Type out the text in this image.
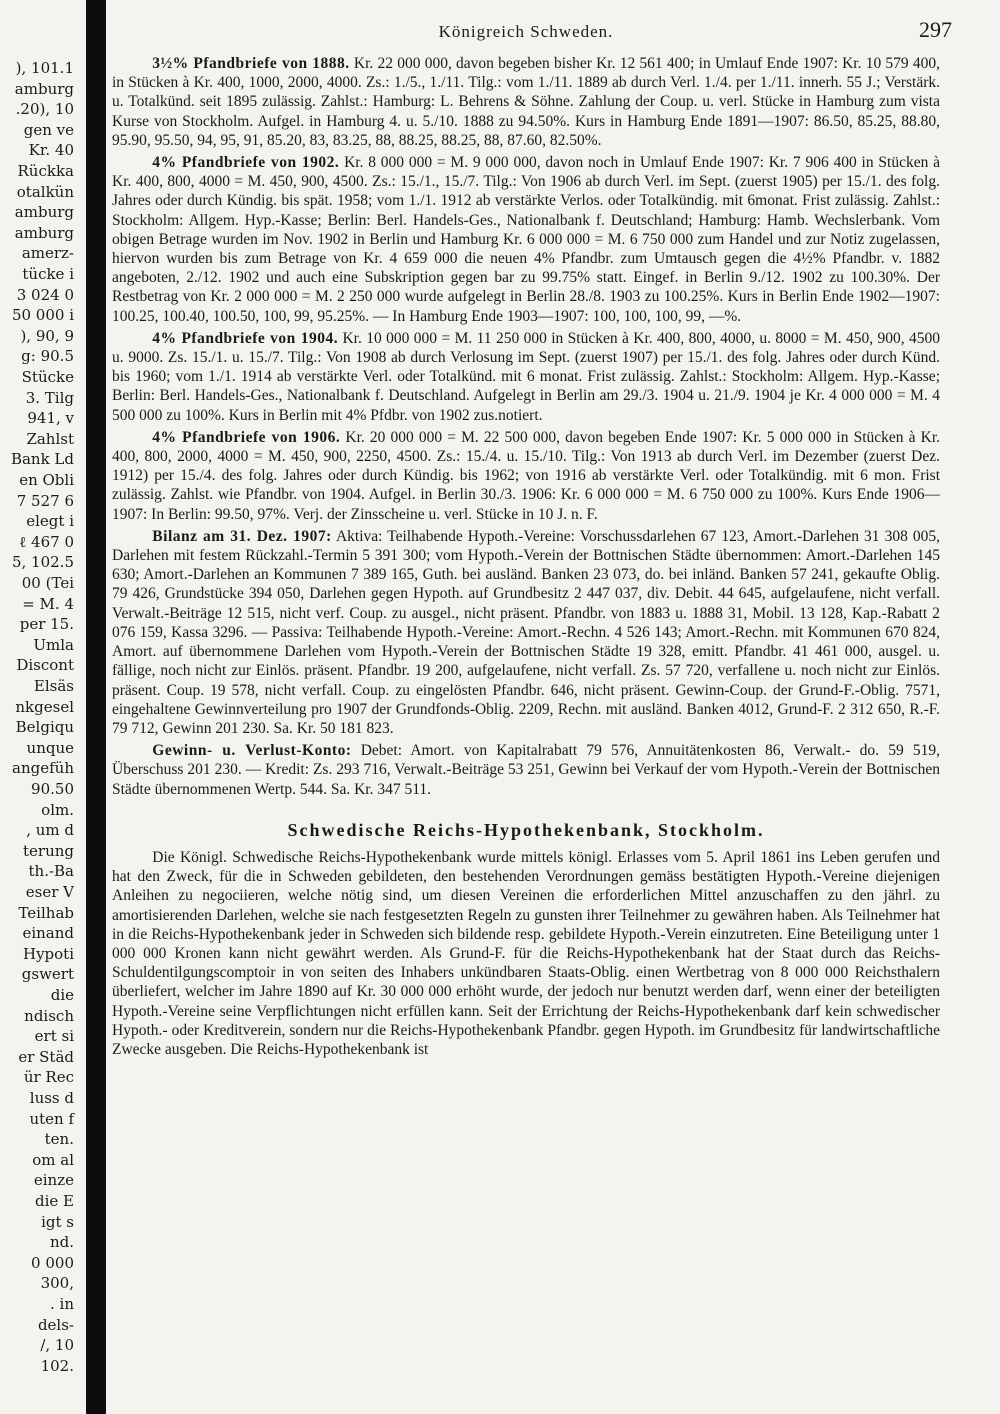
), 101.1
amburg
.20), 10
gen ve
Kr. 40
Rückka
otalkün
amburg
amburg
amerz-
tücke i
3 024 0
50 000 i
), 90, 9
g: 90.5
Stücke
3. Tilg
941, v
Zahlst
Bank Ld
en Obli
7 527 6
elegt i
ℓ 467 0
5, 102.5
00 (Tei
= M. 4
per 15.
Umla
Discont
Elsäs
nkgesel
Belgiqu
unque
angefüh
90.50
olm.
, um d
terung
th.-Ba
eser V
Teilhab
einand
Hypoti
gswert
die
ndisch
ert si
er Städ
ür Rec
luss d
uten f
ten.
om al
einze
die E
igt s
nd.
0 000
300,
. in
dels-
/, 10
102.
Königreich Schweden.	297

3½% Pfandbriefe von 1888. Kr. 22 000 000, davon begeben bisher Kr. 12 561 400; in Umlauf Ende 1907: Kr. 10 579 400, in Stücken à Kr. 400, 1000, 2000, 4000. Zs.: 1./5., 1./11. Tilg.: vom 1./11. 1889 ab durch Verl. 1./4. per 1./11. innerh. 55 J.; Verstärk. u. Totalkünd. seit 1895 zulässig. Zahlst.: Hamburg: L. Behrens & Söhne. Zahlung der Coup. u. verl. Stücke in Hamburg zum vista Kurse von Stockholm. Aufgel. in Hamburg 4. u. 5./10. 1888 zu 94.50%. Kurs in Hamburg Ende 1891—1907: 86.50, 85.25, 88.80, 95.90, 95.50, 94, 95, 91, 85.20, 83, 83.25, 88, 88.25, 88.25, 88, 87.60, 82.50%.

4% Pfandbriefe von 1902. Kr. 8 000 000 = M. 9 000 000, davon noch in Umlauf Ende 1907: Kr. 7 906 400 in Stücken à Kr. 400, 800, 4000 = M. 450, 900, 4500. Zs.: 15./1., 15./7. Tilg.: Von 1906 ab durch Verl. im Sept. (zuerst 1905) per 15./1. des folg. Jahres oder durch Kündig. bis spät. 1958; vom 1./1. 1912 ab verstärkte Verlos. oder Totalkündig. mit 6monat. Frist zulässig. Zahlst.: Stockholm: Allgem. Hyp.-Kasse; Berlin: Berl. Handels-Ges., Nationalbank f. Deutschland; Hamburg: Hamb. Wechslerbank. Vom obigen Betrage wurden im Nov. 1902 in Berlin und Hamburg Kr. 6 000 000 = M. 6 750 000 zum Handel und zur Notiz zugelassen, hiervon wurden bis zum Betrage von Kr. 4 659 000 die neuen 4% Pfandbr. zum Umtausch gegen die 4½% Pfandbr. v. 1882 angeboten, 2./12. 1902 und auch eine Subskription gegen bar zu 99.75% statt. Eingef. in Berlin 9./12. 1902 zu 100.30%. Der Restbetrag von Kr. 2 000 000 = M. 2 250 000 wurde aufgelegt in Berlin 28./8. 1903 zu 100.25%. Kurs in Berlin Ende 1902—1907: 100.25, 100.40, 100.50, 100, 99, 95.25%. — In Hamburg Ende 1903—1907: 100, 100, 100, 99, —%.

4% Pfandbriefe von 1904. Kr. 10 000 000 = M. 11 250 000 in Stücken à Kr. 400, 800, 4000, u. 8000 = M. 450, 900, 4500 u. 9000. Zs. 15./1. u. 15./7. Tilg.: Von 1908 ab durch Verlosung im Sept. (zuerst 1907) per 15./1. des folg. Jahres oder durch Künd. bis 1960; vom 1./1. 1914 ab verstärkte Verl. oder Totalkünd. mit 6 monat. Frist zulässig. Zahlst.: Stockholm: Allgem. Hyp.-Kasse; Berlin: Berl. Handels-Ges., Nationalbank f. Deutschland. Aufgelegt in Berlin am 29./3. 1904 u. 21./9. 1904 je Kr. 4 000 000 = M. 4 500 000 zu 100%. Kurs in Berlin mit 4% Pfdbr. von 1902 zus.notiert.

4% Pfandbriefe von 1906. Kr. 20 000 000 = M. 22 500 000, davon begeben Ende 1907: Kr. 5 000 000 in Stücken à Kr. 400, 800, 2000, 4000 = M. 450, 900, 2250, 4500. Zs.: 15./4. u. 15./10. Tilg.: Von 1913 ab durch Verl. im Dezember (zuerst Dez. 1912) per 15./4. des folg. Jahres oder durch Kündig. bis 1962; von 1916 ab verstärkte Verl. oder Totalkündig. mit 6 mon. Frist zulässig. Zahlst. wie Pfandbr. von 1904. Aufgel. in Berlin 30./3. 1906: Kr. 6 000 000 = M. 6 750 000 zu 100%. Kurs Ende 1906—1907: In Berlin: 99.50, 97%. Verj. der Zinsscheine u. verl. Stücke in 10 J. n. F.

Bilanz am 31. Dez. 1907: Aktiva: Teilhabende Hypoth.-Vereine: Vorschussdarlehen 67 123, Amort.-Darlehen 31 308 005, Darlehen mit festem Rückzahl.-Termin 5 391 300; vom Hypoth.-Verein der Bottnischen Städte übernommen: Amort.-Darlehen 145 630; Amort.-Darlehen an Kommunen 7 389 165, Guth. bei ausländ. Banken 23 073, do. bei inländ. Banken 57 241, gekaufte Oblig. 79 426, Grundstücke 394 050, Darlehen gegen Hypoth. auf Grundbesitz 2 447 037, div. Debit. 44 645, aufgelaufene, nicht verfall. Verwalt.-Beiträge 12 515, nicht verf. Coup. zu ausgel., nicht präsent. Pfandbr. von 1883 u. 1888 31, Mobil. 13 128, Kap.-Rabatt 2 076 159, Kassa 3296. — Passiva: Teilhabende Hypoth.-Vereine: Amort.-Rechn. 4 526 143; Amort.-Rechn. mit Kommunen 670 824, Amort. auf übernommene Darlehen vom Hypoth.-Verein der Bottnischen Städte 19 328, emitt. Pfandbr. 41 461 000, ausgel. u. fällige, noch nicht zur Einlös. präsent. Pfandbr. 19 200, aufgelaufene, nicht verfall. Zs. 57 720, verfallene u. noch nicht zur Einlös. präsent. Coup. 19 578, nicht verfall. Coup. zu eingelösten Pfandbr. 646, nicht präsent. Gewinn-Coup. der Grund-F.-Oblig. 7571, eingehaltene Gewinnverteilung pro 1907 der Grundfonds-Oblig. 2209, Rechn. mit ausländ. Banken 4012, Grund-F. 2 312 650, R.-F. 79 712, Gewinn 201 230. Sa. Kr. 50 181 823.

Gewinn- u. Verlust-Konto: Debet: Amort. von Kapitalrabatt 79 576, Annuitätenkosten 86, Verwalt.- do. 59 519, Überschuss 201 230. — Kredit: Zs. 293 716, Verwalt.-Beiträge 53 251, Gewinn bei Verkauf der vom Hypoth.-Verein der Bottnischen Städte übernommenen Wertp. 544. Sa. Kr. 347 511.

Schwedische Reichs-Hypothekenbank, Stockholm.

Die Königl. Schwedische Reichs-Hypothekenbank wurde mittels königl. Erlasses vom 5. April 1861 ins Leben gerufen und hat den Zweck, für die in Schweden gebildeten, den bestehenden Verordnungen gemäss bestätigten Hypoth.-Vereine diejenigen Anleihen zu negociieren, welche nötig sind, um diesen Vereinen die erforderlichen Mittel anzuschaffen zu den jährl. zu amortisierenden Darlehen, welche sie nach festgesetzten Regeln zu gunsten ihrer Teilnehmer zu gewähren haben. Als Teilnehmer hat in die Reichs-Hypothekenbank jeder in Schweden sich bildende resp. gebildete Hypoth.-Verein einzutreten. Eine Beteiligung unter 1 000 000 Kronen kann nicht gewährt werden. Als Grund-F. für die Reichs-Hypothekenbank hat der Staat durch das Reichs-Schuldentilgungscomptoir in von seiten des Inhabers unkündbaren Staats-Oblig. einen Wertbetrag von 8 000 000 Reichsthalern überliefert, welcher im Jahre 1890 auf Kr. 30 000 000 erhöht wurde, der jedoch nur benutzt werden darf, wenn einer der beteiligten Hypoth.-Vereine seine Verpflichtungen nicht erfüllen kann. Seit der Errichtung der Reichs-Hypothekenbank darf kein schwedischer Hypoth.- oder Kreditverein, sondern nur die Reichs-Hypothekenbank Pfandbr. gegen Hypoth. im Grundbesitz für landwirtschaftliche Zwecke ausgeben. Die Reichs-Hypothekenbank ist
